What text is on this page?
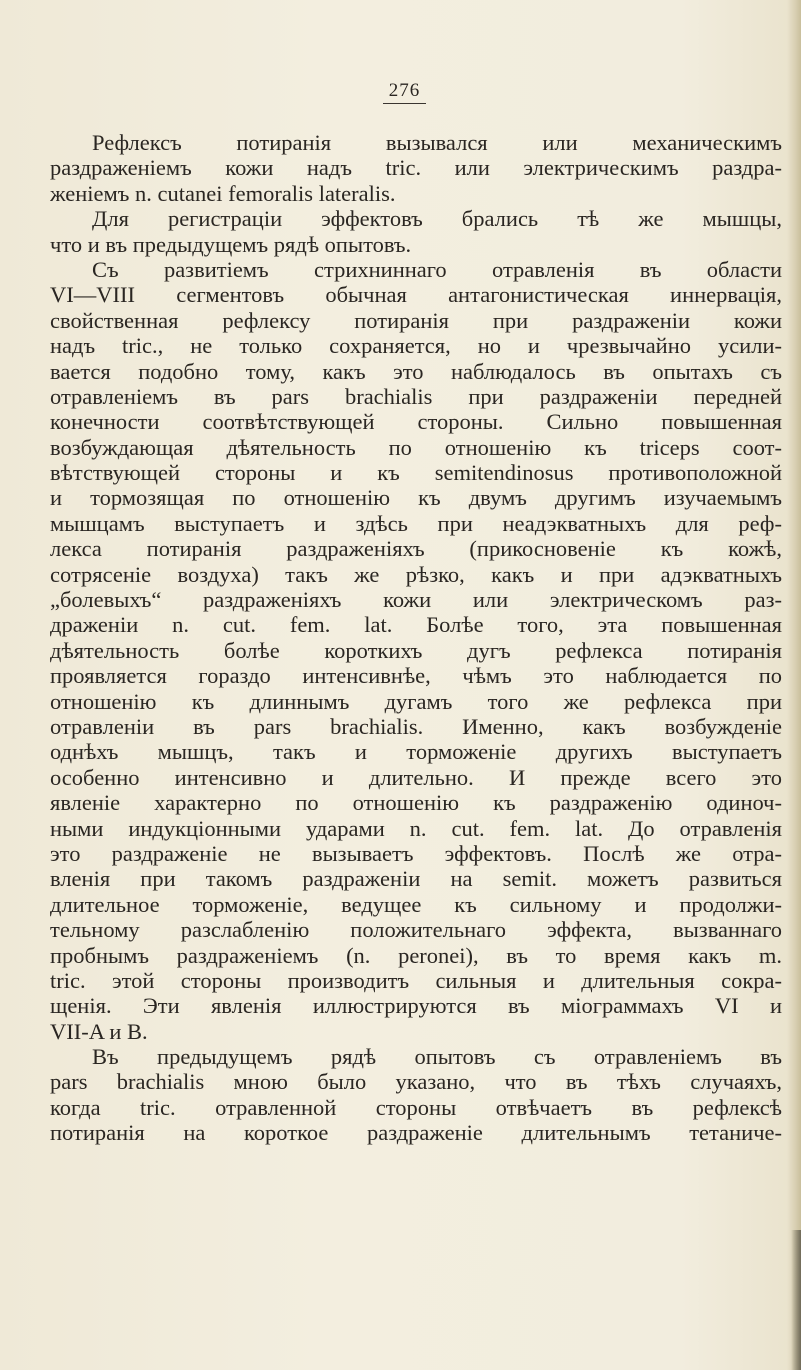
276
Рефлексъ потиранія вызывался или механическимъ
раздраженіемъ кожи надъ tric. или электрическимъ раздра-
женіемъ n. cutanei femoralis lateralis.
Для регистраціи эффектовъ брались тѣ же мышцы,
что и въ предыдущемъ рядѣ опытовъ.
Съ развитіемъ стрихниннаго отравленія въ области
VI—VIII сегментовъ обычная антагонистическая иннервація,
свойственная рефлексу потиранія при раздраженіи кожи
надъ tric., не только сохраняется, но и чрезвычайно усили-
вается подобно тому, какъ это наблюдалось въ опытахъ съ
отравленіемъ въ pars brachialis при раздраженіи передней
конечности соотвѣтствующей стороны. Сильно повышенная
возбуждающая дѣятельность по отношенію къ triceps соот-
вѣтствующей стороны и къ semitendinosus противоположной
и тормозящая по отношенію къ двумъ другимъ изучаемымъ
мышцамъ выступаетъ и здѣсь при неадэкватныхъ для реф-
лекса потиранія раздраженіяхъ (прикосновеніе къ кожѣ,
сотрясеніе воздуха) такъ же рѣзко, какъ и при адэкватныхъ
„болевыхъ“ раздраженіяхъ кожи или электрическомъ раз-
драженіи n. cut. fem. lat. Болѣе того, эта повышенная
дѣятельность болѣе короткихъ дугъ рефлекса потиранія
проявляется гораздо интенсивнѣе, чѣмъ это наблюдается по
отношенію къ длиннымъ дугамъ того же рефлекса при
отравленіи въ pars brachialis. Именно, какъ возбужденіе
однѣхъ мышцъ, такъ и торможеніе другихъ выступаетъ
особенно интенсивно и длительно. И прежде всего это
явленіе характерно по отношенію къ раздраженію одиноч-
ными индукціонными ударами n. cut. fem. lat. До отравленія
это раздраженіе не вызываетъ эффектовъ. Послѣ же отра-
вленія при такомъ раздраженіи на semit. можетъ развиться
длительное торможеніе, ведущее къ сильному и продолжи-
тельному разслабленію положительнаго эффекта, вызваннаго
пробнымъ раздраженіемъ (n. peronei), въ то время какъ m.
tric. этой стороны производитъ сильныя и длительныя сокра-
щенія. Эти явленія иллюстрируются въ міограммахъ VI и
VII-A и B.
Въ предыдущемъ рядѣ опытовъ съ отравленіемъ въ
pars brachialis мною было указано, что въ тѣхъ случаяхъ,
когда tric. отравленной стороны отвѣчаетъ въ рефлексѣ
потиранія на короткое раздраженіе длительнымъ тетаниче-
